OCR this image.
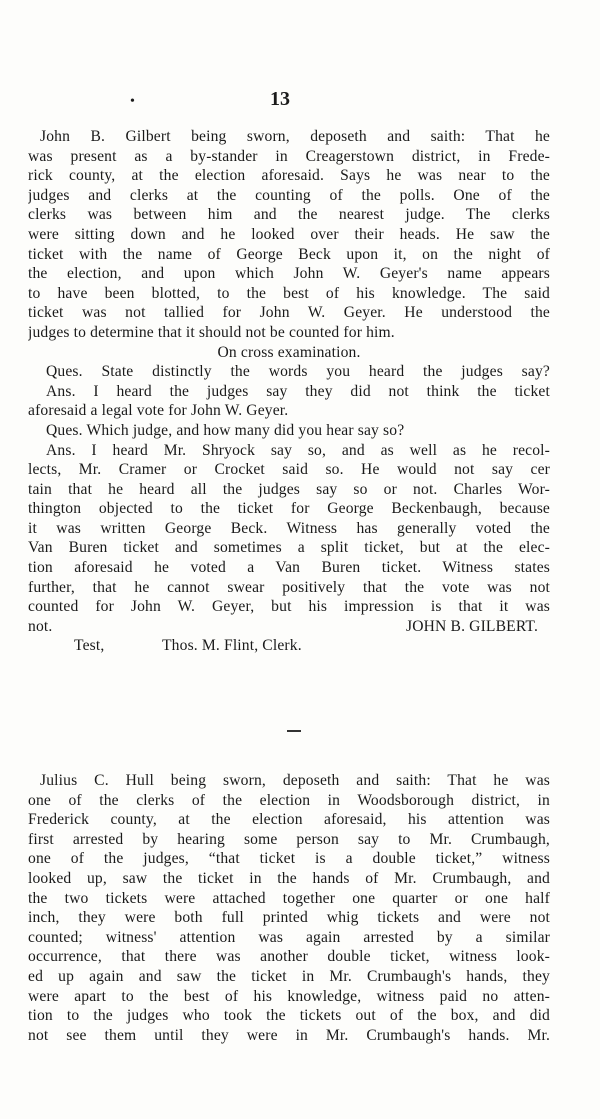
•	13
John B. Gilbert being sworn, deposeth and saith: That he
was present as a by-stander in Creagerstown district, in Frede-
rick county, at the election aforesaid. Says he was near to the
judges and clerks at the counting of the polls. One of the
clerks was between him and the nearest judge. The clerks
were sitting down and he looked over their heads. He saw the
ticket with the name of George Beck upon it, on the night of
the election, and upon which John W. Geyer's name appears
to have been blotted, to the best of his knowledge. The said
ticket was not tallied for John W. Geyer. He understood the
judges to determine that it should not be counted for him.
On cross examination.
Ques. State distinctly the words you heard the judges say?
Ans. I heard the judges say they did not think the ticket
aforesaid a legal vote for John W. Geyer.
Ques. Which judge, and how many did you hear say so?
Ans. I heard Mr. Shryock say so, and as well as he recol-
lects, Mr. Cramer or Crocket said so. He would not say cer
tain that he heard all the judges say so or not. Charles Wor-
thington objected to the ticket for George Beckenbaugh, because
it was written George Beck. Witness has generally voted the
Van Buren ticket and sometimes a split ticket, but at the elec-
tion aforesaid he voted a Van Buren ticket. Witness states
further, that he cannot swear positively that the vote was not
counted for John W. Geyer, but his impression is that it was
not.	JOHN B. GILBERT.
Test,	Thos. M. Flint, Clerk.
Julius C. Hull being sworn, deposeth and saith: That he was
one of the clerks of the election in Woodsborough district, in
Frederick county, at the election aforesaid, his attention was
first arrested by hearing some person say to Mr. Crumbaugh,
one of the judges, “that ticket is a double ticket,” witness
looked up, saw the ticket in the hands of Mr. Crumbaugh, and
the two tickets were attached together one quarter or one half
inch, they were both full printed whig tickets and were not
counted; witness' attention was again arrested by a similar
occurrence, that there was another double ticket, witness look-
ed up again and saw the ticket in Mr. Crumbaugh's hands, they
were apart to the best of his knowledge, witness paid no atten-
tion to the judges who took the tickets out of the box, and did
not see them until they were in Mr. Crumbaugh's hands. Mr.
